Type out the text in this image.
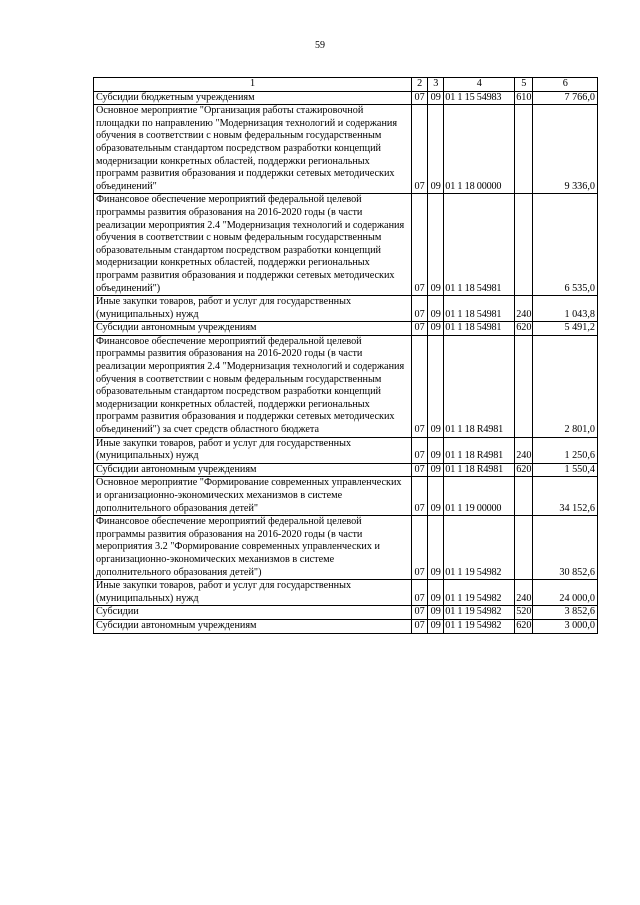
59
1	2	3	4	5	6
Субсидии бюджетным учреждениям	07	09	01 1 15 54983	610	7 766,0
Основное мероприятие "Организация работы стажировочной площадки по направлению "Модернизация технологий и содержания обучения в соответствии с новым федеральным государственным образовательным стандартом посредством разработки концепций модернизации конкретных областей, поддержки региональных программ развития образования и поддержки сетевых методических объединений"	07	09	01 1 18 00000		9 336,0
Финансовое обеспечение мероприятий федеральной целевой программы развития образования на 2016-2020 годы (в части реализации мероприятия 2.4 "Модернизация технологий и содержания обучения в соответствии с новым федеральным государственным образовательным стандартом посредством разработки концепций модернизации конкретных областей, поддержки региональных программ развития образования и поддержки сетевых методических объединений")	07	09	01 1 18 54981		6 535,0
Иные закупки товаров, работ и услуг для государственных (муниципальных) нужд	07	09	01 1 18 54981	240	1 043,8
Субсидии автономным учреждениям	07	09	01 1 18 54981	620	5 491,2
Финансовое обеспечение мероприятий федеральной целевой программы развития образования на 2016-2020 годы (в части реализации мероприятия 2.4 "Модернизация технологий и содержания обучения в соответствии с новым федеральным государственным образовательным стандартом посредством разработки концепций модернизации конкретных областей, поддержки региональных программ развития образования и поддержки сетевых методических объединений") за счет средств областного бюджета	07	09	01 1 18 R4981		2 801,0
Иные закупки товаров, работ и услуг для государственных (муниципальных) нужд	07	09	01 1 18 R4981	240	1 250,6
Субсидии автономным учреждениям	07	09	01 1 18 R4981	620	1 550,4
Основное мероприятие "Формирование современных управленческих и организационно-экономических механизмов в системе дополнительного образования детей"	07	09	01 1 19 00000		34 152,6
Финансовое обеспечение мероприятий федеральной целевой программы развития образования на 2016-2020 годы (в части мероприятия 3.2 "Формирование современных управленческих и организационно-экономических механизмов в системе дополнительного образования детей")	07	09	01 1 19 54982		30 852,6
Иные закупки товаров, работ и услуг для государственных (муниципальных) нужд	07	09	01 1 19 54982	240	24 000,0
Субсидии	07	09	01 1 19 54982	520	3 852,6
Субсидии автономным учреждениям	07	09	01 1 19 54982	620	3 000,0
